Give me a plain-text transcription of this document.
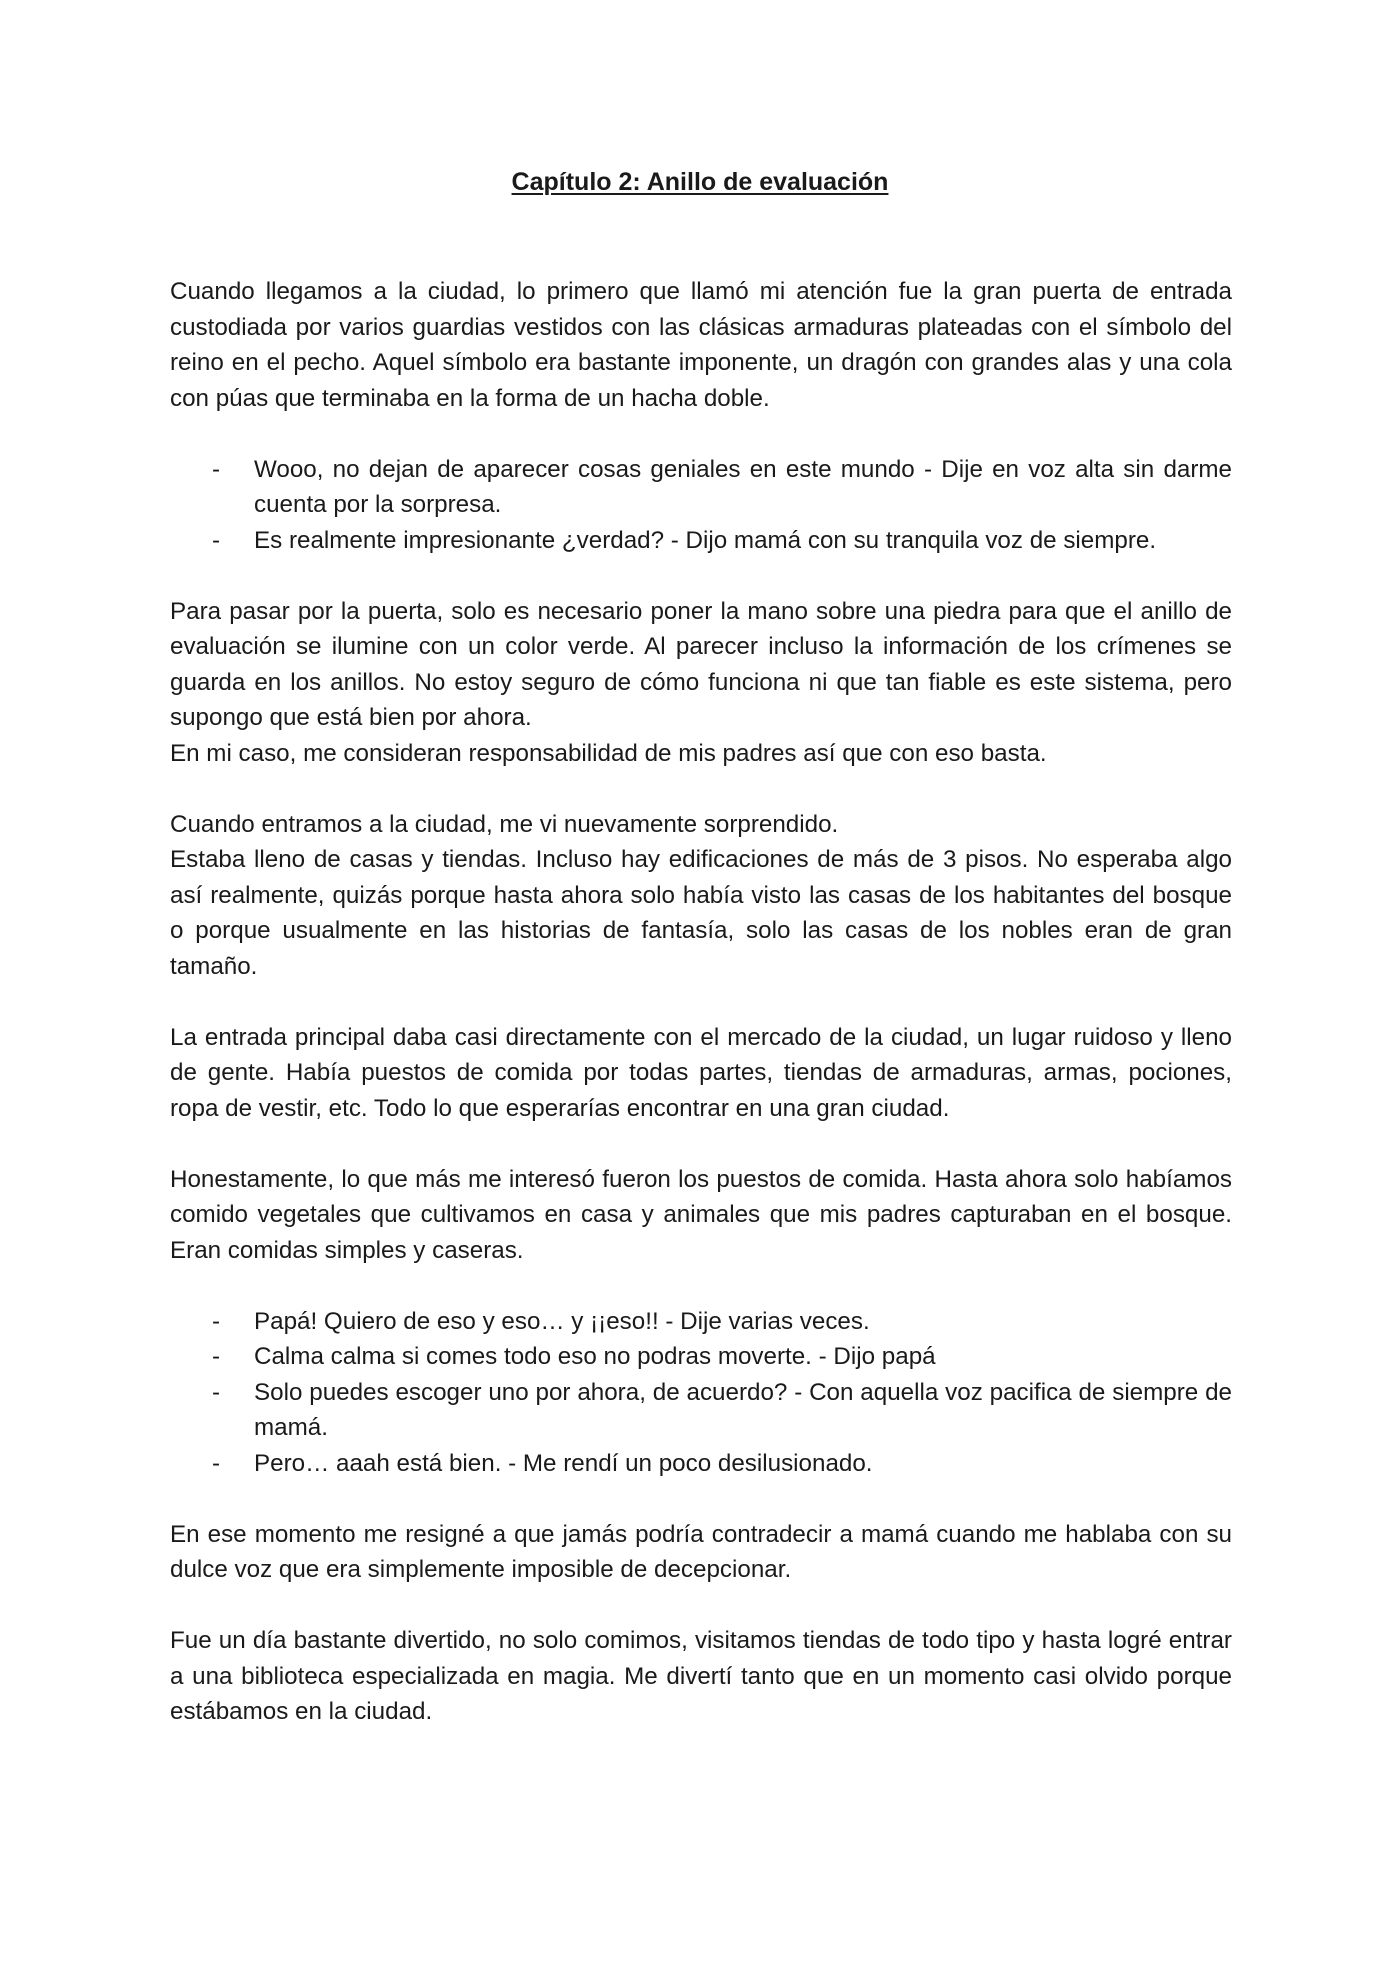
Capítulo 2: Anillo de evaluación

Cuando llegamos a la ciudad, lo primero que llamó mi atención fue la gran puerta de entrada custodiada por varios guardias vestidos con las clásicas armaduras plateadas con el símbolo del reino en el pecho. Aquel símbolo era bastante imponente, un dragón con grandes alas y una cola con púas que terminaba en la forma de un hacha doble.

- Wooo, no dejan de aparecer cosas geniales en este mundo - Dije en voz alta sin darme cuenta por la sorpresa.
- Es realmente impresionante ¿verdad? - Dijo mamá con su tranquila voz de siempre.
Para pasar por la puerta, solo es necesario poner la mano sobre una piedra para que el anillo de evaluación se ilumine con un color verde. Al parecer incluso la información de los crímenes se guarda en los anillos. No estoy seguro de cómo funciona ni que tan fiable es este sistema, pero supongo que está bien por ahora.
En mi caso, me consideran responsabilidad de mis padres así que con eso basta.
Cuando entramos a la ciudad, me vi nuevamente sorprendido.
Estaba lleno de casas y tiendas. Incluso hay edificaciones de más de 3 pisos. No esperaba algo así realmente, quizás porque hasta ahora solo había visto las casas de los habitantes del bosque o porque usualmente en las historias de fantasía, solo las casas de los nobles eran de gran tamaño.

La entrada principal daba casi directamente con el mercado de la ciudad, un lugar ruidoso y lleno de gente. Había puestos de comida por todas partes, tiendas de armaduras, armas, pociones, ropa de vestir, etc. Todo lo que esperarías encontrar en una gran ciudad.

Honestamente, lo que más me interesó fueron los puestos de comida. Hasta ahora solo habíamos comido vegetales que cultivamos en casa y animales que mis padres capturaban en el bosque. Eran comidas simples y caseras.

- Papá! Quiero de eso y eso… y ¡¡eso!! - Dije varias veces.
- Calma calma si comes todo eso no podras moverte. - Dijo papá
- Solo puedes escoger uno por ahora, de acuerdo? - Con aquella voz pacifica de siempre de mamá.
- Pero… aaah está bien. - Me rendí un poco desilusionado.

En ese momento me resigné a que jamás podría contradecir a mamá cuando me hablaba con su dulce voz que era simplemente imposible de decepcionar.

Fue un día bastante divertido, no solo comimos, visitamos tiendas de todo tipo y hasta logré entrar a una biblioteca especializada en magia. Me divertí tanto que en un momento casi olvido porque estábamos en la ciudad.
